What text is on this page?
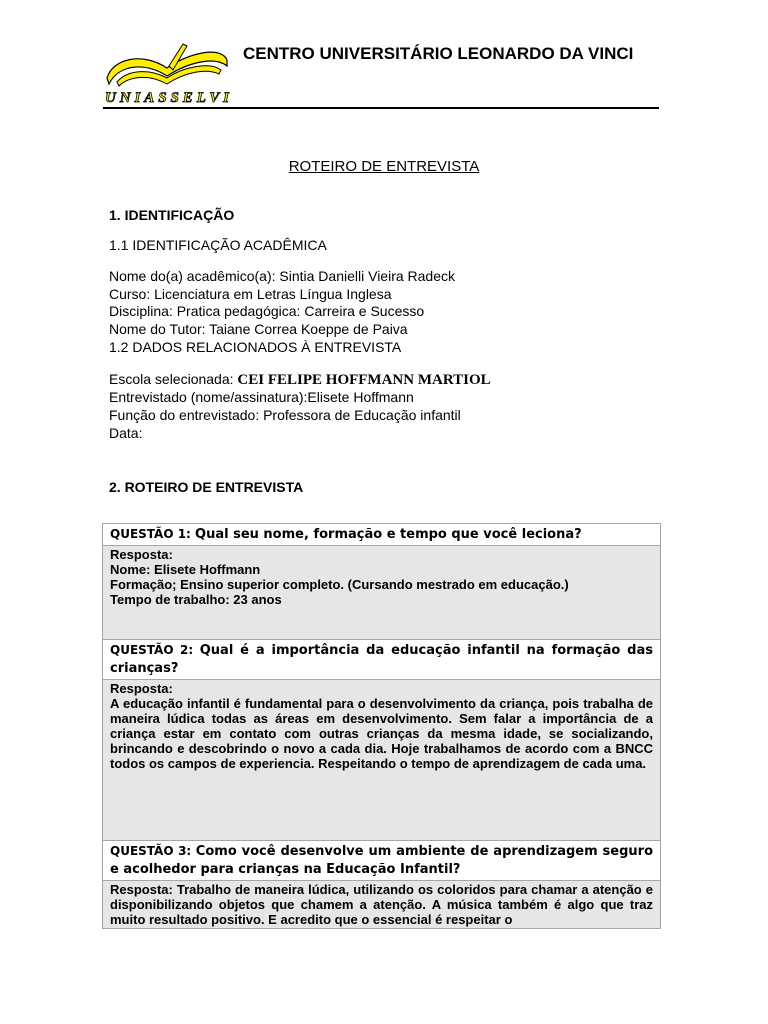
UNIASSELVI
CENTRO UNIVERSITÁRIO LEONARDO DA VINCI
ROTEIRO DE ENTREVISTA
1. IDENTIFICAÇÃO
1.1 IDENTIFICAÇÃO ACADÊMICA
Nome do(a) acadêmico(a): Sintia Danielli Vieira Radeck
Curso: Licenciatura em Letras Língua Inglesa
Disciplina: Pratica pedagógica: Carreira e Sucesso
Nome do Tutor: Taiane Correa Koeppe de Paiva
1.2 DADOS RELACIONADOS À ENTREVISTA
Escola selecionada: CEI FELIPE HOFFMANN MARTIOL
Entrevistado (nome/assinatura):Elisete Hoffmann
Função do entrevistado: Professora de Educação infantil
Data:
2. ROTEIRO DE ENTREVISTA
QUESTÃO 1: Qual seu nome, formação e tempo que você leciona?

Resposta:
Nome: Elisete Hoffmann
Formação; Ensino superior completo. (Cursando mestrado em educação.)
Tempo de trabalho: 23 anos

QUESTÃO 2: Qual é a importância da educação infantil na formação das crianças?

Resposta:
A educação infantil é fundamental para o desenvolvimento da criança, pois trabalha de maneira lúdica todas as áreas em desenvolvimento. Sem falar a importância de a criança estar em contato com outras crianças da mesma idade, se socializando, brincando e descobrindo o novo a cada dia. Hoje trabalhamos de acordo com a BNCC todos os campos de experiencia. Respeitando o tempo de aprendizagem de cada uma.

QUESTÃO 3: Como você desenvolve um ambiente de aprendizagem seguro e acolhedor para crianças na Educação Infantil?

Resposta: Trabalho de maneira lúdica, utilizando os coloridos para chamar a atenção e disponibilizando objetos que chamem a atenção. A música também é algo que traz muito resultado positivo. E acredito que o essencial é respeitar o
